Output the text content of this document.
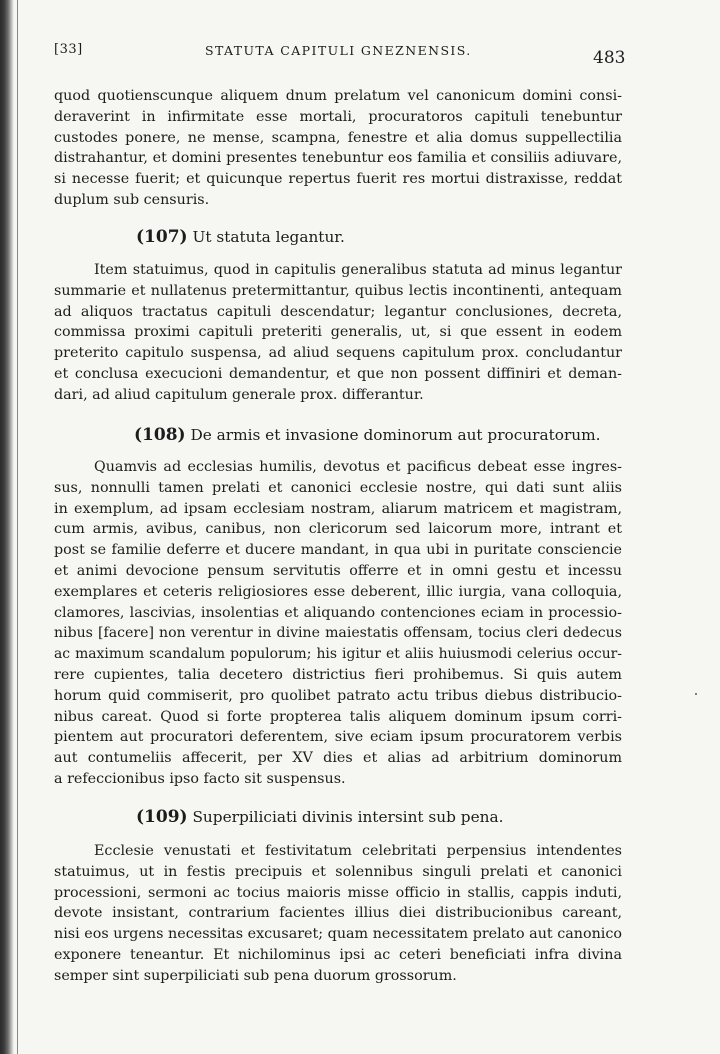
[33]	STATUTA CAPITULI GNEZNENSIS.	483
quod quotienscunque aliquem dnum prelatum vel canonicum domini consi-
deraverint in infirmitate esse mortali, procuratoros capituli tenebuntur
custodes ponere, ne mense, scampna, fenestre et alia domus suppellectilia
distrahantur, et domini presentes tenebuntur eos familia et consiliis adiuvare,
si necesse fuerit; et quicunque repertus fuerit res mortui distraxisse, reddat
duplum sub censuris.
(107) Ut statuta legantur.
Item statuimus, quod in capitulis generalibus statuta ad minus legantur
summarie et nullatenus pretermittantur, quibus lectis incontinenti, antequam
ad aliquos tractatus capituli descendatur; legantur conclusiones, decreta,
commissa proximi capituli preteriti generalis, ut, si que essent in eodem
preterito capitulo suspensa, ad aliud sequens capitulum prox. concludantur
et conclusa execucioni demandentur, et que non possent diffiniri et deman-
dari, ad aliud capitulum generale prox. differantur.
(108) De armis et invasione dominorum aut procuratorum.
Quamvis ad ecclesias humilis, devotus et pacificus debeat esse ingres-
sus, nonnulli tamen prelati et canonici ecclesie nostre, qui dati sunt aliis
in exemplum, ad ipsam ecclesiam nostram, aliarum matricem et magistram,
cum armis, avibus, canibus, non clericorum sed laicorum more, intrant et
post se familie deferre et ducere mandant, in qua ubi in puritate consciencie
et animi devocione pensum servitutis offerre et in omni gestu et incessu
exemplares et ceteris religiosiores esse deberent, illic iurgia, vana colloquia,
clamores, lascivias, insolentias et aliquando contenciones eciam in processio-
nibus [facere] non verentur in divine maiestatis offensam, tocius cleri dedecus
ac maximum scandalum populorum; his igitur et aliis huiusmodi celerius occur-
rere cupientes, talia decetero districtius fieri prohibemus. Si quis autem
horum quid commiserit, pro quolibet patrato actu tribus diebus distribucio-
nibus careat. Quod si forte propterea talis aliquem dominum ipsum corri-
pientem aut procuratori deferentem, sive eciam ipsum procuratorem verbis
aut contumeliis affecerit, per XV dies et alias ad arbitrium dominorum
a refeccionibus ipso facto sit suspensus.
(109) Superpiliciati divinis intersint sub pena.
Ecclesie venustati et festivitatum celebritati perpensius intendentes
statuimus, ut in festis precipuis et solennibus singuli prelati et canonici
processioni, sermoni ac tocius maioris misse officio in stallis, cappis induti,
devote insistant, contrarium facientes illius diei distribucionibus careant,
nisi eos urgens necessitas excusaret; quam necessitatem prelato aut canonico
exponere teneantur. Et nichilominus ipsi ac ceteri beneficiati infra divina
semper sint superpiliciati sub pena duorum grossorum.
